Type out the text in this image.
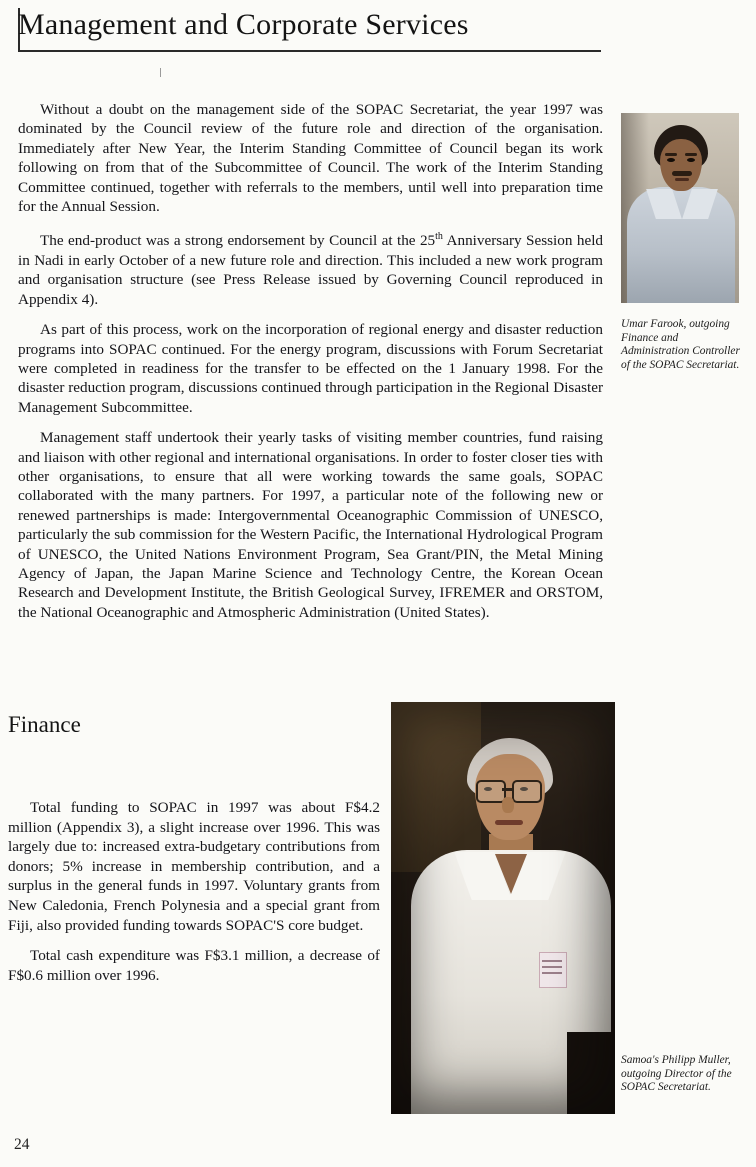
Management and Corporate Services

Without a doubt on the management side of the SOPAC Secretariat, the year 1997 was dominated by the Council review of the future role and direction of the organisation. Immediately after New Year, the Interim Standing Committee of Council began its work following on from that of the Subcommittee of Council. The work of the Interim Standing Committee continued, together with referrals to the members, until well into preparation time for the Annual Session.

The end-product was a strong endorsement by Council at the 25th Anniversary Session held in Nadi in early October of a new future role and direction. This included a new work program and organisation structure (see Press Release issued by Governing Council reproduced in Appendix 4).

As part of this process, work on the incorporation of regional energy and disaster reduction programs into SOPAC continued. For the energy program, discussions with Forum Secretariat were completed in readiness for the transfer to be effected on the 1 January 1998. For the disaster reduction program, discussions continued through participation in the Regional Disaster Management Subcommittee.

Management staff undertook their yearly tasks of visiting member countries, fund raising and liaison with other regional and international organisations. In order to foster closer ties with other organisations, to ensure that all were working towards the same goals, SOPAC collaborated with the many partners. For 1997, a particular note of the following new or renewed partnerships is made: Intergovernmental Oceanographic Commission of UNESCO, particularly the sub commission for the Western Pacific, the International Hydrological Program of UNESCO, the United Nations Environment Program, Sea Grant/PIN, the Metal Mining Agency of Japan, the Japan Marine Science and Technology Centre, the Korean Ocean Research and Development Institute, the British Geological Survey, IFREMER and ORSTOM, the National Oceanographic and Atmospheric Administration (United States).

Umar Farook, outgoing Finance and Administration Controller of the SOPAC Secretariat.
Finance

Total funding to SOPAC in 1997 was about F$4.2 million (Appendix 3), a slight increase over 1996. This was largely due to: increased extra-budgetary contributions from donors; 5% increase in membership contribution, and a surplus in the general funds in 1997. Voluntary grants from New Caledonia, French Polynesia and a special grant from Fiji, also provided funding towards SOPAC'S core budget.

Total cash expenditure was F$3.1 million, a decrease of F$0.6 million over 1996.

Samoa's Philipp Muller, outgoing Director of the SOPAC Secretariat.
24
